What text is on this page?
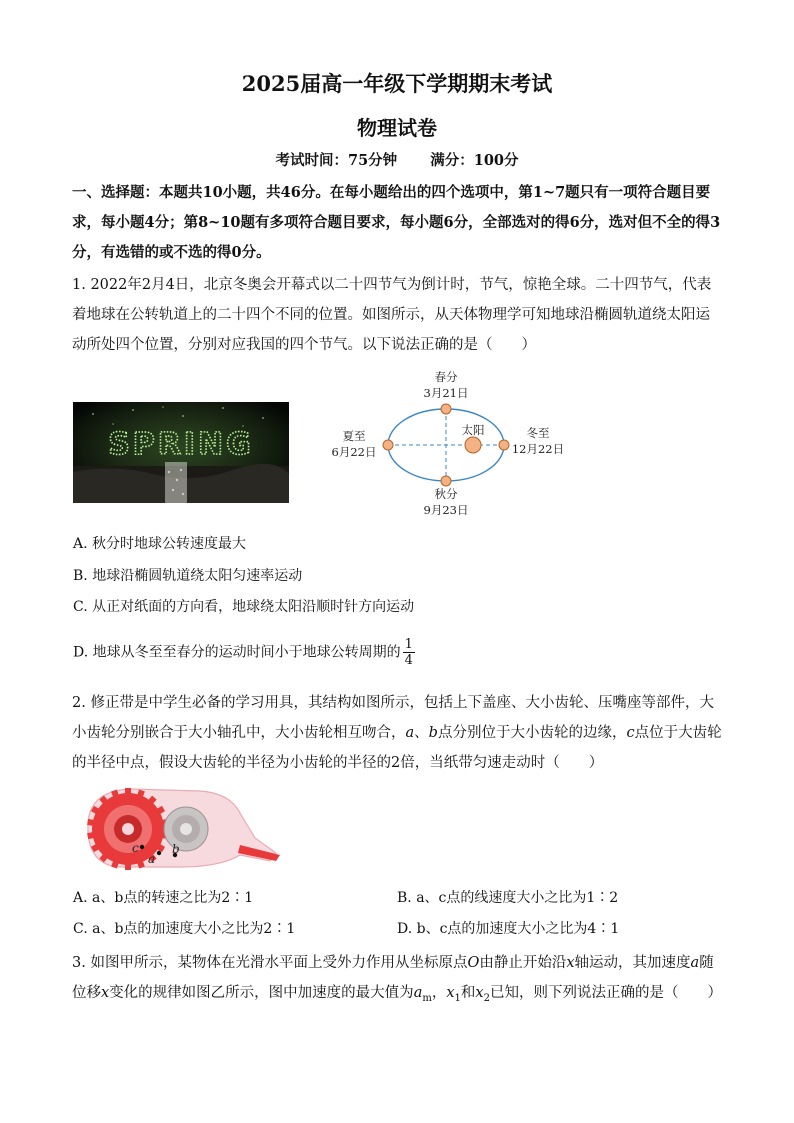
2025届高一年级下学期期末考试
物理试卷
考试时间：75分钟 满分：100分
一、选择题：本题共10小题，共46分。在每小题给出的四个选项中，第1~7题只有一项符合题目要求，每小题4分；第8~10题有多项符合题目要求，每小题6分，全部选对的得6分，选对但不全的得3分，有选错的或不选的得0分。
1. 2022年2月4日，北京冬奥会开幕式以二十四节气为倒计时，节气，惊艳全球。二十四节气，代表着地球在公转轨道上的二十四个不同的位置。如图所示，从天体物理学可知地球沿椭圆轨道绕太阳运动所处四个位置，分别对应我国的四个节气。以下说法正确的是（　　）
SPRING
春分
3月21日
夏至
6月22日
太阳	冬至
12月22日
秋分
9月23日
A. 秋分时地球公转速度最大
B. 地球沿椭圆轨道绕太阳匀速率运动
C. 从正对纸面的方向看，地球绕太阳沿顺时针方向运动
D. 地球从冬至至春分的运动时间小于地球公转周期的 $\frac{1}{4}$
2. 修正带是中学生必备的学习用具，其结构如图所示，包括上下盖座、大小齿轮、压嘴座等部件，大小齿轮分别嵌合于大小轴孔中，大小齿轮相互吻合，a、b点分别位于大小齿轮的边缘，c点位于大齿轮的半径中点，假设大齿轮的半径为小齿轮的半径的2倍，当纸带匀速走动时（　　）
c
a
b
A. a、b点的转速之比为2∶1	B. a、c点的线速度大小之比为1∶2
C. a、b点的加速度大小之比为2∶1	D. b、c点的加速度大小之比为4∶1
3. 如图甲所示，某物体在光滑水平面上受外力作用从坐标原点O由静止开始沿x轴运动，其加速度a随位移x变化的规律如图乙所示，图中加速度的最大值为$a_m$，$x_1$和$x_2$已知，则下列说法正确的是（　　）
